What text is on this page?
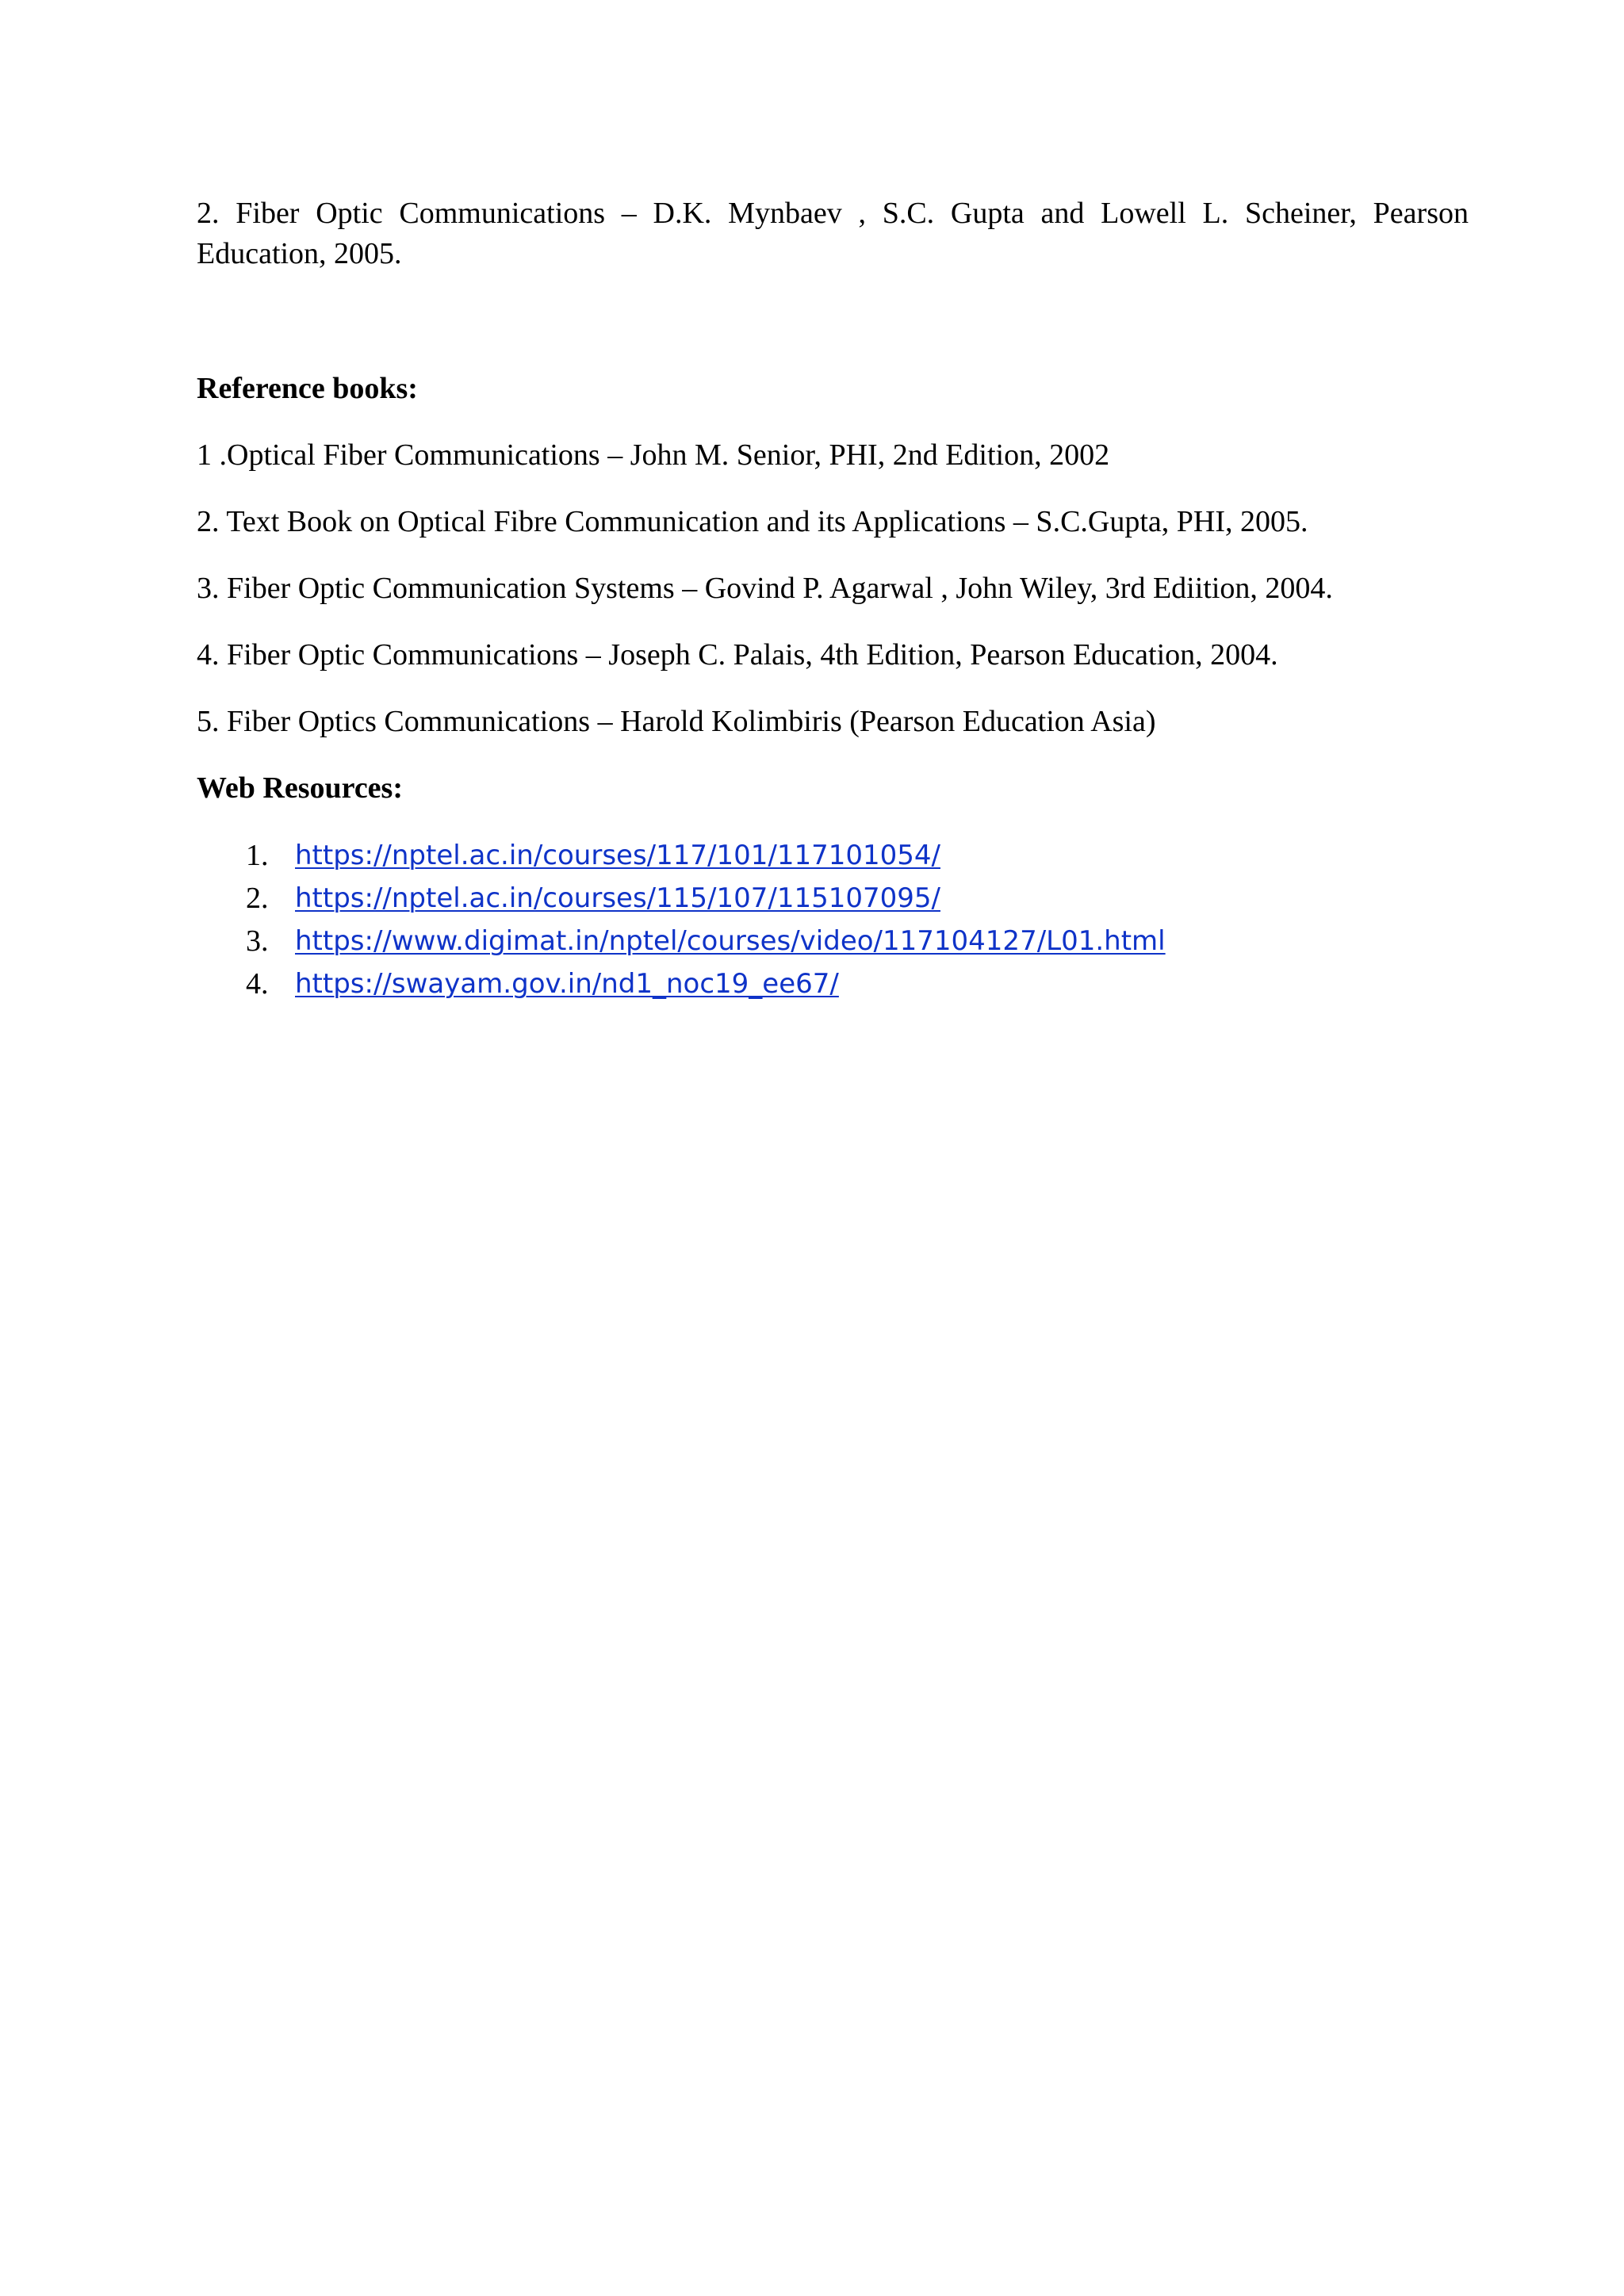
2. Fiber Optic Communications – D.K. Mynbaev , S.C. Gupta and Lowell L. Scheiner, Pearson Education, 2005.

Reference books:

1 .Optical Fiber Communications – John M. Senior, PHI, 2nd Edition, 2002

2. Text Book on Optical Fibre Communication and its Applications – S.C.Gupta, PHI, 2005.

3. Fiber Optic Communication Systems – Govind P. Agarwal , John Wiley, 3rd Ediition, 2004.

4. Fiber Optic Communications – Joseph C. Palais, 4th Edition, Pearson Education, 2004.

5. Fiber Optics Communications – Harold Kolimbiris (Pearson Education Asia)

Web Resources:

1. https://nptel.ac.in/courses/117/101/117101054/
2. https://nptel.ac.in/courses/115/107/115107095/
3. https://www.digimat.in/nptel/courses/video/117104127/L01.html
4. https://swayam.gov.in/nd1_noc19_ee67/
